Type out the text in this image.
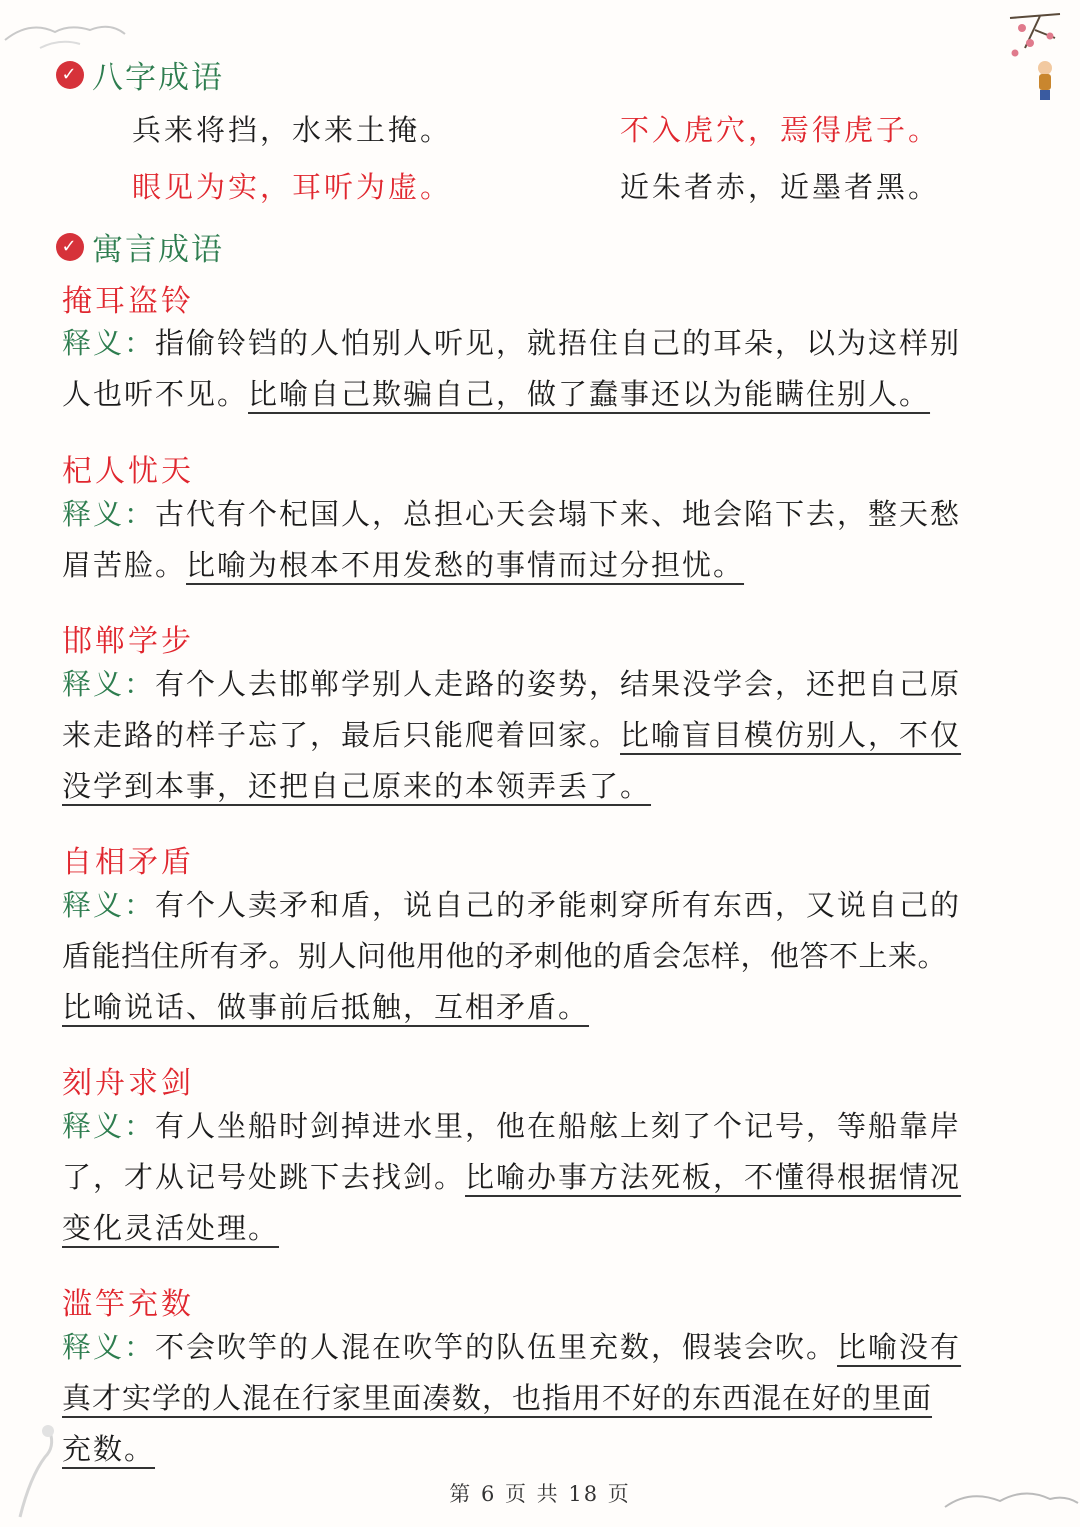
✓ 八字成语
兵来将挡，水来土掩。	不入虎穴，焉得虎子。
眼见为实，耳听为虚。	近朱者赤，近墨者黑。
✓ 寓言成语
掩耳盗铃
释义：指偷铃铛的人怕别人听见，就捂住自己的耳朵，以为这样别
人也听不见。比喻自己欺骗自己，做了蠢事还以为能瞒住别人。
杞人忧天
释义：古代有个杞国人，总担心天会塌下来、地会陷下去，整天愁
眉苦脸。比喻为根本不用发愁的事情而过分担忧。
邯郸学步
释义：有个人去邯郸学别人走路的姿势，结果没学会，还把自己原
来走路的样子忘了，最后只能爬着回家。比喻盲目模仿别人，不仅
没学到本事，还把自己原来的本领弄丢了。
自相矛盾
释义：有个人卖矛和盾，说自己的矛能刺穿所有东西，又说自己的
盾能挡住所有矛。别人问他用他的矛刺他的盾会怎样，他答不上来。
比喻说话、做事前后抵触，互相矛盾。
刻舟求剑
释义：有人坐船时剑掉进水里，他在船舷上刻了个记号，等船靠岸
了，才从记号处跳下去找剑。比喻办事方法死板，不懂得根据情况
变化灵活处理。
滥竽充数
释义：不会吹竽的人混在吹竽的队伍里充数，假装会吹。比喻没有
真才实学的人混在行家里面凑数，也指用不好的东西混在好的里面
充数。
第 6 页 共 18 页
